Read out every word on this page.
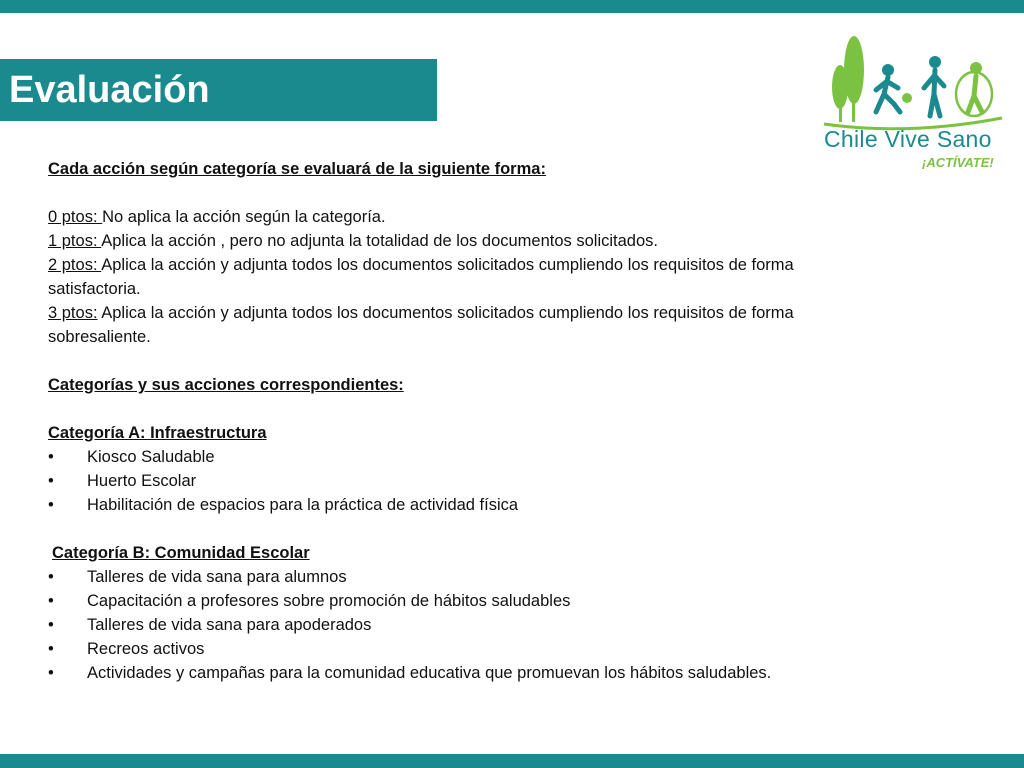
Evaluación
Chile Vive Sano
¡ACTÍVATE!
Cada acción según categoría se evaluará de la siguiente forma:
0 ptos: No aplica la acción según la categoría.
1 ptos: Aplica la acción , pero no adjunta la totalidad de los documentos solicitados.
2 ptos: Aplica la acción y adjunta todos los documentos solicitados cumpliendo los requisitos de forma
satisfactoria.
3 ptos: Aplica la acción y adjunta todos los documentos solicitados cumpliendo los requisitos de forma
sobresaliente.
Categorías y sus acciones correspondientes:
Categoría A: Infraestructura
•	Kiosco Saludable
•	Huerto Escolar
•	Habilitación de espacios para la práctica de actividad física
Categoría B: Comunidad Escolar
•	Talleres de vida sana para alumnos
•	Capacitación a profesores sobre promoción de hábitos saludables
•	Talleres de vida sana para apoderados
•	Recreos activos
•	Actividades y campañas para la comunidad educativa que promuevan los hábitos saludables.
